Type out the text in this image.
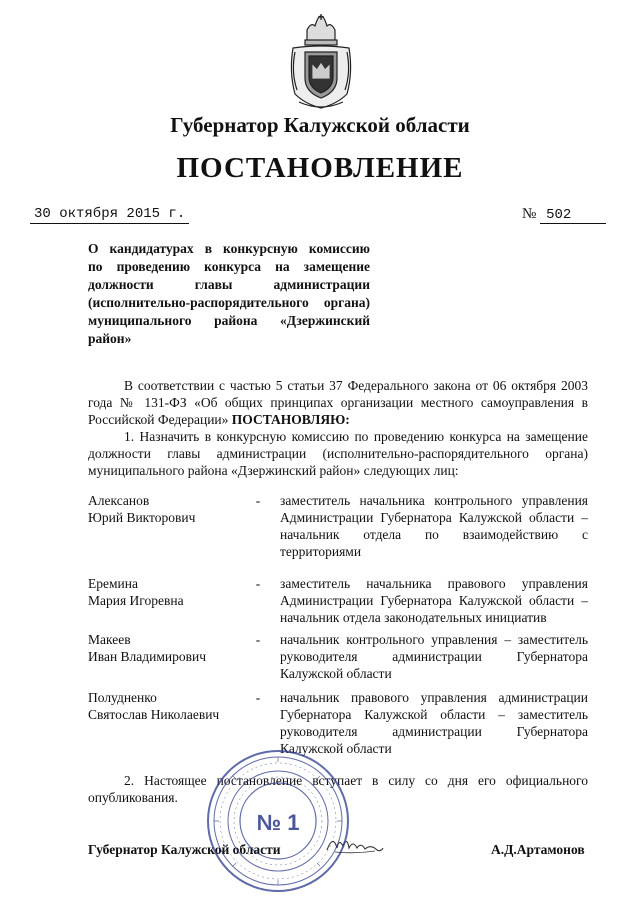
Губернатор Калужской области
ПОСТАНОВЛЕНИЕ
30 октября 2015 г.	№ 502
О кандидатурах в конкурсную комиссию
по проведению конкурса на замещение
должности главы администрации
(исполнительно-распорядительного органа)
муниципального района «Дзержинский
район»
В соответствии с частью 5 статьи 37 Федерального закона от 06 октября 2003 года № 131-ФЗ «Об общих принципах организации местного самоуправления в Российской Федерации» ПОСТАНОВЛЯЮ:
1. Назначить в конкурсную комиссию по проведению конкурса на замещение должности главы администрации (исполнительно-распорядительного органа) муниципального района «Дзержинский район» следующих лиц:
Алексанов
Юрий Викторович
- заместитель начальника контрольного управления Администрации Губернатора Калужской области – начальник отдела по взаимодействию с территориями
Еремина
Мария Игоревна
- заместитель начальника правового управления Администрации Губернатора Калужской области – начальник отдела законодательных инициатив
Макеев
Иван Владимирович
- начальник контрольного управления – заместитель руководителя администрации Губернатора Калужской области
Полудненко
Святослав Николаевич
- начальник правового управления администрации Губернатора Калужской области – заместитель руководителя администрации Губернатора Калужской области
2. Настоящее постановление вступает в силу со дня его официального опубликования.
Губернатор Калужской области	А.Д.Артамонов
№ 1
